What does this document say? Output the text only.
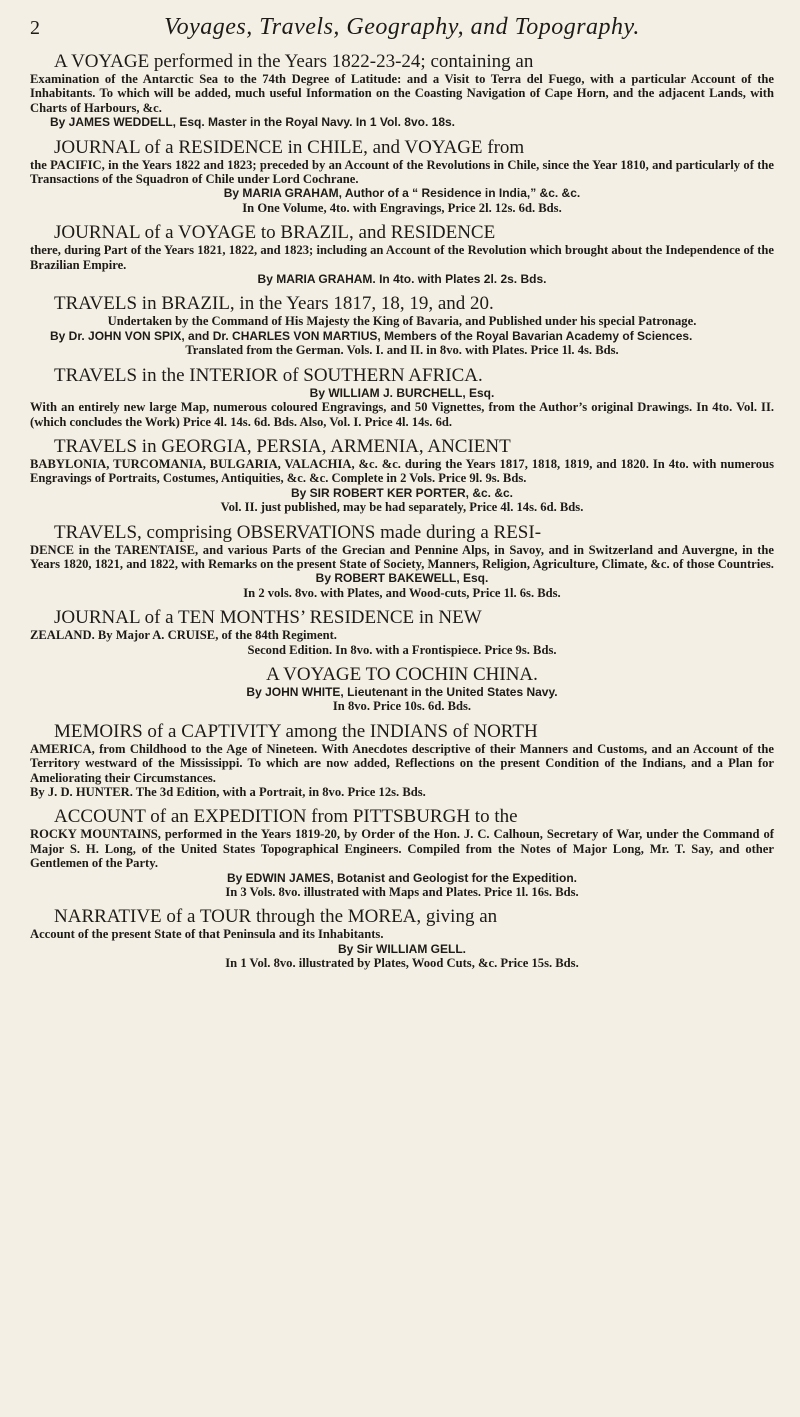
2	Voyages, Travels, Geography, and Topography.
A VOYAGE performed in the Years 1822-23-24; containing an
Examination of the Antarctic Sea to the 74th Degree of Latitude: and a Visit to Terra del Fuego, with a particular Account of the Inhabitants. To which will be added, much useful Information on the Coasting Navigation of Cape Horn, and the adjacent Lands, with Charts of Harbours, &c.
By JAMES WEDDELL, Esq. Master in the Royal Navy. In 1 Vol. 8vo. 18s.
JOURNAL of a RESIDENCE in CHILE, and VOYAGE from
the PACIFIC, in the Years 1822 and 1823; preceded by an Account of the Revolutions in Chile, since the Year 1810, and particularly of the Transactions of the Squadron of Chile under Lord Cochrane.
By MARIA GRAHAM, Author of a “ Residence in India,” &c. &c.
In One Volume, 4to. with Engravings, Price 2l. 12s. 6d. Bds.
JOURNAL of a VOYAGE to BRAZIL, and RESIDENCE
there, during Part of the Years 1821, 1822, and 1823; including an Account of the Revolution which brought about the Independence of the Brazilian Empire.
By MARIA GRAHAM. In 4to. with Plates 2l. 2s. Bds.
TRAVELS in BRAZIL, in the Years 1817, 18, 19, and 20.
Undertaken by the Command of His Majesty the King of Bavaria, and Published under his special Patronage.
By Dr. JOHN VON SPIX, and Dr. CHARLES VON MARTIUS, Members of the Royal Bavarian Academy of Sciences.
Translated from the German. Vols. I. and II. in 8vo. with Plates. Price 1l. 4s. Bds.
TRAVELS in the INTERIOR of SOUTHERN AFRICA.
By WILLIAM J. BURCHELL, Esq.
With an entirely new large Map, numerous coloured Engravings, and 50 Vignettes, from the Author’s original Drawings. In 4to. Vol. II. (which concludes the Work) Price 4l. 14s. 6d. Bds. Also, Vol. I. Price 4l. 14s. 6d.
TRAVELS in GEORGIA, PERSIA, ARMENIA, ANCIENT
BABYLONIA, TURCOMANIA, BULGARIA, VALACHIA, &c. &c. during the Years 1817, 1818, 1819, and 1820. In 4to. with numerous Engravings of Portraits, Costumes, Antiquities, &c. &c. Complete in 2 Vols. Price 9l. 9s. Bds.
By SIR ROBERT KER PORTER, &c. &c.
Vol. II. just published, may be had separately, Price 4l. 14s. 6d. Bds.
TRAVELS, comprising OBSERVATIONS made during a RESI-
DENCE in the TARENTAISE, and various Parts of the Grecian and Pennine Alps, in Savoy, and in Switzerland and Auvergne, in the Years 1820, 1821, and 1822, with Remarks on the present State of Society, Manners, Religion, Agriculture, Climate, &c. of those Countries.
By ROBERT BAKEWELL, Esq.
In 2 vols. 8vo. with Plates, and Wood-cuts, Price 1l. 6s. Bds.
JOURNAL of a TEN MONTHS’ RESIDENCE in NEW
ZEALAND. By Major A. CRUISE, of the 84th Regiment.
Second Edition. In 8vo. with a Frontispiece. Price 9s. Bds.
A VOYAGE TO COCHIN CHINA.
By JOHN WHITE, Lieutenant in the United States Navy.
In 8vo. Price 10s. 6d. Bds.
MEMOIRS of a CAPTIVITY among the INDIANS of NORTH
AMERICA, from Childhood to the Age of Nineteen. With Anecdotes descriptive of their Manners and Customs, and an Account of the Territory westward of the Mississippi. To which are now added, Reflections on the present Condition of the Indians, and a Plan for Ameliorating their Circumstances.
By J. D. HUNTER. The 3d Edition, with a Portrait, in 8vo. Price 12s. Bds.
ACCOUNT of an EXPEDITION from PITTSBURGH to the
ROCKY MOUNTAINS, performed in the Years 1819-20, by Order of the Hon. J. C. Calhoun, Secretary of War, under the Command of Major S. H. Long, of the United States Topographical Engineers. Compiled from the Notes of Major Long, Mr. T. Say, and other Gentlemen of the Party.
By EDWIN JAMES, Botanist and Geologist for the Expedition.
In 3 Vols. 8vo. illustrated with Maps and Plates. Price 1l. 16s. Bds.
NARRATIVE of a TOUR through the MOREA, giving an
Account of the present State of that Peninsula and its Inhabitants.
By Sir WILLIAM GELL.
In 1 Vol. 8vo. illustrated by Plates, Wood Cuts, &c. Price 15s. Bds.
